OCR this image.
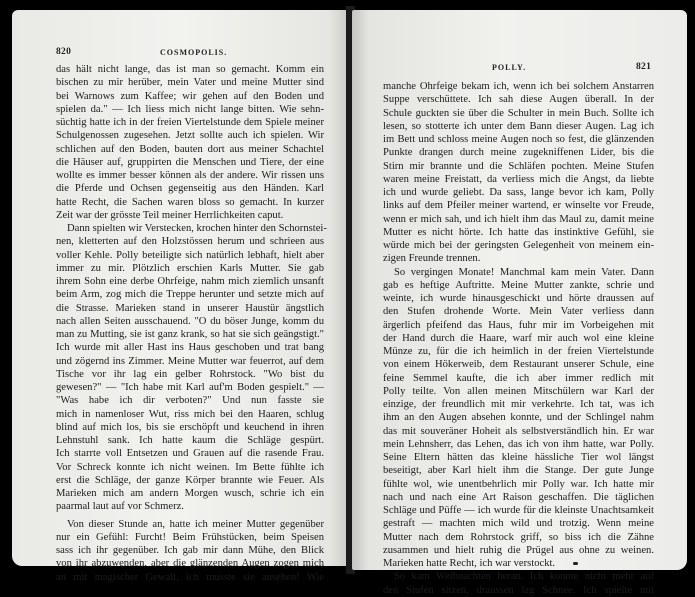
820	COSMOPOLIS.
POLLY.	821
das hält nicht lange, das ist man so gemacht. Komm ein
bischen zu mir herüber, mein Vater und meine Mutter sind
bei Warnows zum Kaffee; wir gehen auf den Boden und
spielen da." — Ich liess mich nicht lange bitten. Wie sehn-
süchtig hatte ich in der freien Viertelstunde dem Spiele meiner
Schulgenossen zugesehen. Jetzt sollte auch ich spielen. Wir
schlichen auf den Boden, bauten dort aus meiner Schachtel
die Häuser auf, gruppirten die Menschen und Tiere, der eine
wollte es immer besser können als der andere. Wir rissen uns
die Pferde und Ochsen gegenseitig aus den Händen. Karl
hatte Recht, die Sachen waren bloss so gemacht. In kurzer
Zeit war der grösste Teil meiner Herrlichkeiten caput.
Dann spielten wir Verstecken, krochen hinter den Schornstei-
nen, kletterten auf den Holzstössen herum und schrieen aus
voller Kehle. Polly beteiligte sich natürlich lebhaft, hielt aber
immer zu mir. Plötzlich erschien Karls Mutter. Sie gab
ihrem Sohn eine derbe Ohrfeige, nahm mich ziemlich unsanft
beim Arm, zog mich die Treppe herunter und setzte mich auf
die Strasse. Marieken stand in unserer Haustür ängstlich
nach allen Seiten ausschauend. "O du böser Junge, komm du
man zu Mutting, sie ist ganz krank, so hat sie sich geängstigt."
Ich wurde mit aller Hast ins Haus geschoben und trat bang
und zögernd ins Zimmer. Meine Mutter war feuerrot, auf dem
Tische vor ihr lag ein gelber Rohrstock. "Wo bist du
gewesen?" — "Ich habe mit Karl auf'm Boden gespielt." —
"Was habe ich dir verboten?" Und nun fasste sie
mich in namenloser Wut, riss mich bei den Haaren, schlug
blind auf mich los, bis sie erschöpft und keuchend in ihren
Lehnstuhl sank. Ich hatte kaum die Schläge gespürt.
Ich starrte voll Entsetzen und Grauen auf die rasende Frau.
Vor Schreck konnte ich nicht weinen. Im Bette fühlte ich
erst die Schläge, der ganze Körper brannte wie Feuer. Als
Marieken mich am andern Morgen wusch, schrie ich ein
paarmal laut auf vor Schmerz.
Von dieser Stunde an, hatte ich meiner Mutter gegenüber
nur ein Gefühl: Furcht! Beim Frühstücken, beim Speisen
sass ich ihr gegenüber. Ich gab mir dann Mühe, den Blick
von ihr abzuwenden, aber die glänzenden Augen zogen mich
an mit magischer Gewalt, ich musste sie ansehen! Wie
manche Ohrfeige bekam ich, wenn ich bei solchem Anstarren
Suppe verschüttete. Ich sah diese Augen überall. In der
Schule guckten sie über die Schulter in mein Buch. Sollte ich
lesen, so stotterte ich unter dem Bann dieser Augen. Lag ich
im Bett und schloss meine Augen noch so fest, die glänzenden
Punkte drangen durch meine zugekniffenen Lider, bis die
Stirn mir brannte und die Schläfen pochten. Meine Stufen
waren meine Freistatt, da verliess mich die Angst, da liebte
ich und wurde geliebt. Da sass, lange bevor ich kam, Polly
links auf dem Pfeiler meiner wartend, er winselte vor Freude,
wenn er mich sah, und ich hielt ihm das Maul zu, damit meine
Mutter es nicht hörte. Ich hatte das instinktive Gefühl, sie
würde mich bei der geringsten Gelegenheit von meinem ein-
zigen Freunde trennen.
So vergingen Monate! Manchmal kam mein Vater. Dann
gab es heftige Auftritte. Meine Mutter zankte, schrie und
weinte, ich wurde hinausgeschickt und hörte draussen auf
den Stufen drohende Worte. Mein Vater verliess dann
ärgerlich pfeifend das Haus, fuhr mir im Vorbeigehen mit
der Hand durch die Haare, warf mir auch wol eine kleine
Münze zu, für die ich heimlich in der freien Viertelstunde
von einem Hökerweib, dem Restaurant unserer Schule, eine
feine Semmel kaufte, die ich aber immer redlich mit
Polly teilte. Von allen meinen Mitschülern war Karl der
einzige, der freundlich mit mir verkehrte. Ich tat, was ich
ihm an den Augen absehen konnte, und der Schlingel nahm
das mit souveräner Hoheit als selbstverständlich hin. Er war
mein Lehnsherr, das Lehen, das ich von ihm hatte, war Polly.
Seine Eltern hätten das kleine hässliche Tier wol längst
beseitigt, aber Karl hielt ihm die Stange. Der gute Junge
fühlte wol, wie unentbehrlich mir Polly war. Ich hatte mir
nach und nach eine Art Raison geschaffen. Die täglichen
Schläge und Püffe — ich wurde für die kleinste Unachtsamkeit
gestraft — machten mich wild und trotzig. Wenn meine
Mutter nach dem Rohrstock griff, so biss ich die Zähne
zusammen und hielt ruhig die Prügel aus ohne zu weinen.
Marieken hatte Recht, ich war verstockt.
So kam Weihnachten heran. Ich konnte nicht mehr auf
den Stufen sitzen, draussen lag Schnee. Ich spielte mit
